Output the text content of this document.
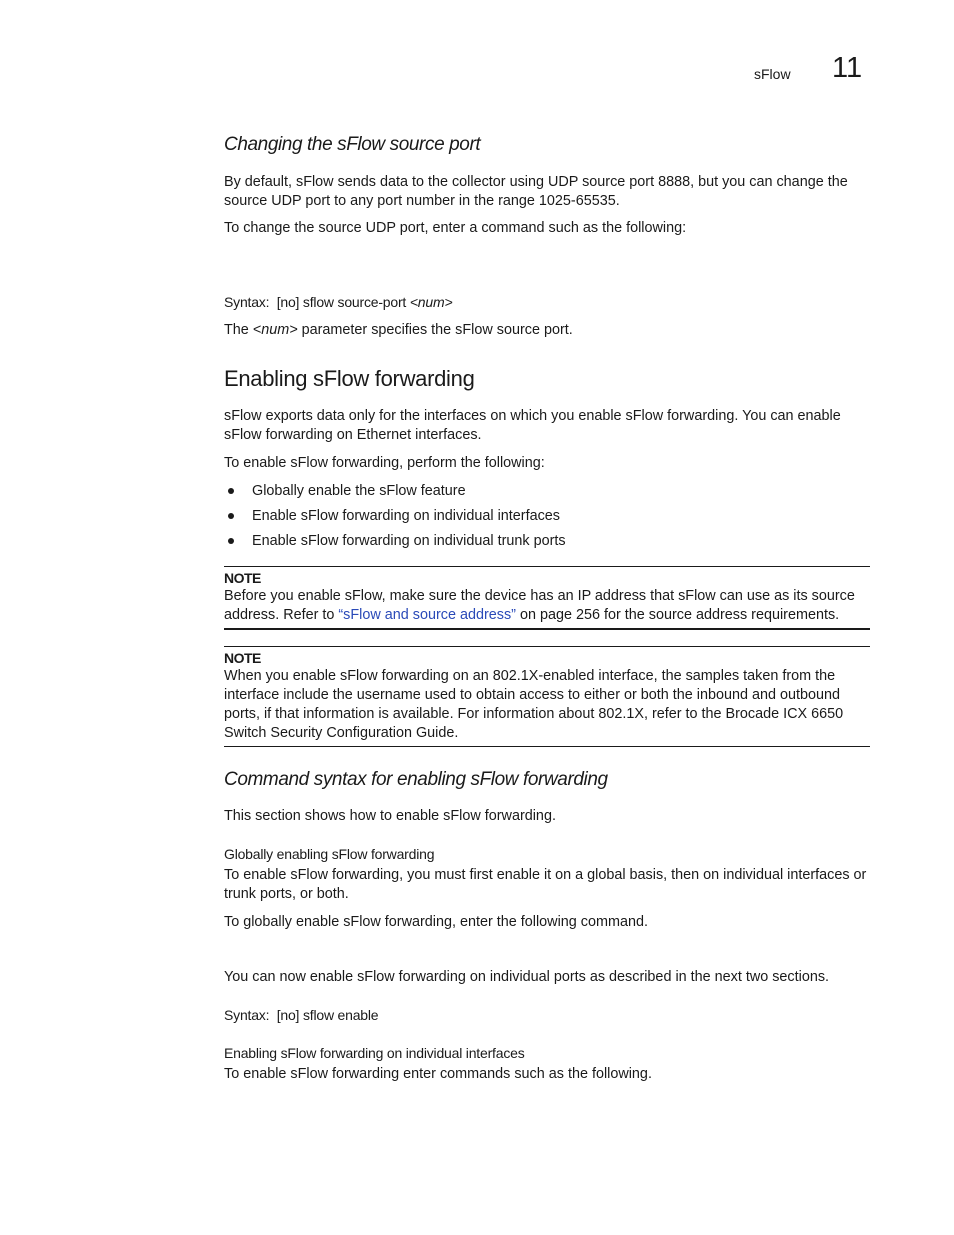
sFlow 11
Changing the sFlow source port
By default, sFlow sends data to the collector using UDP source port 8888, but you can change the source UDP port to any port number in the range 1025-65535.
To change the source UDP port, enter a command such as the following:
Syntax: [no] sflow source-port <num>
The <num> parameter specifies the sFlow source port.
Enabling sFlow forwarding
sFlow exports data only for the interfaces on which you enable sFlow forwarding. You can enable sFlow forwarding on Ethernet interfaces.
To enable sFlow forwarding, perform the following:
Globally enable the sFlow feature
Enable sFlow forwarding on individual interfaces
Enable sFlow forwarding on individual trunk ports
NOTE
Before you enable sFlow, make sure the device has an IP address that sFlow can use as its source address. Refer to “sFlow and source address” on page 256 for the source address requirements.
NOTE
When you enable sFlow forwarding on an 802.1X-enabled interface, the samples taken from the interface include the username used to obtain access to either or both the inbound and outbound ports, if that information is available. For information about 802.1X, refer to the Brocade ICX 6650 Switch Security Configuration Guide.
Command syntax for enabling sFlow forwarding
This section shows how to enable sFlow forwarding.
Globally enabling sFlow forwarding
To enable sFlow forwarding, you must first enable it on a global basis, then on individual interfaces or trunk ports, or both.
To globally enable sFlow forwarding, enter the following command.
You can now enable sFlow forwarding on individual ports as described in the next two sections.
Syntax: [no] sflow enable
Enabling sFlow forwarding on individual interfaces
To enable sFlow forwarding enter commands such as the following.
